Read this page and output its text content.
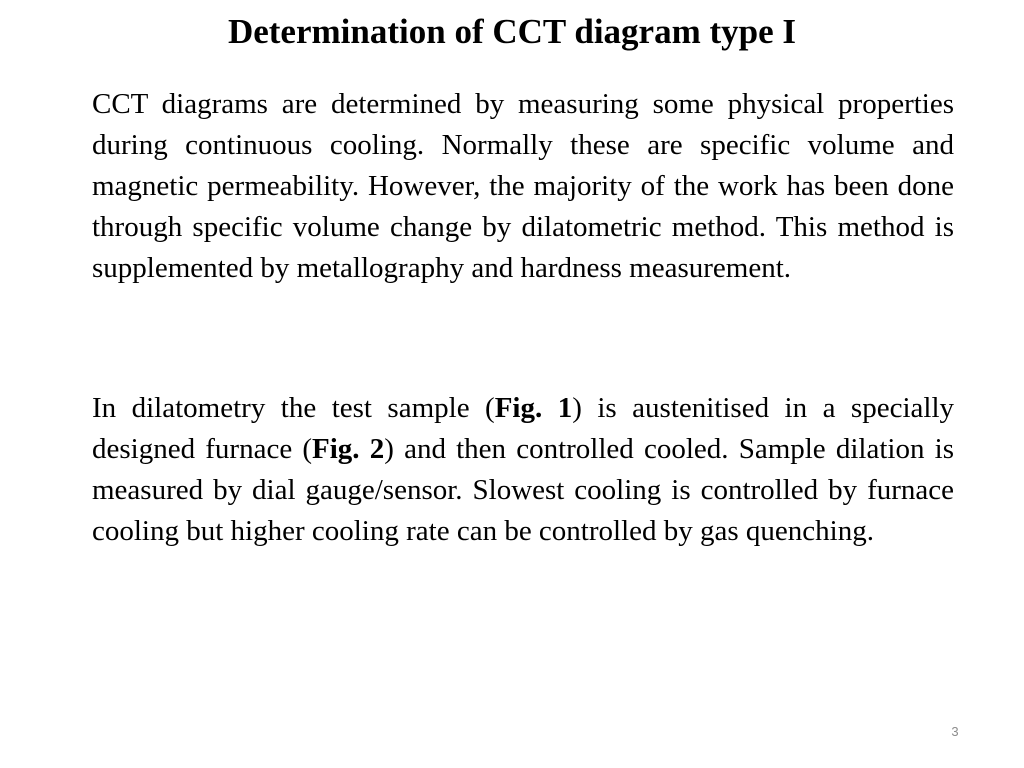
Determination of CCT diagram type I

CCT diagrams are determined by measuring some physical properties during continuous cooling. Normally these are specific volume and magnetic permeability. However, the majority of the work has been done through specific volume change by dilatometric method. This method is supplemented by metallography and hardness measurement.

In dilatometry the test sample (Fig. 1) is austenitised in a specially designed furnace (Fig. 2) and then controlled cooled. Sample dilation is measured by dial gauge/sensor. Slowest cooling is controlled by furnace cooling but higher cooling rate can be controlled by gas quenching.

3
